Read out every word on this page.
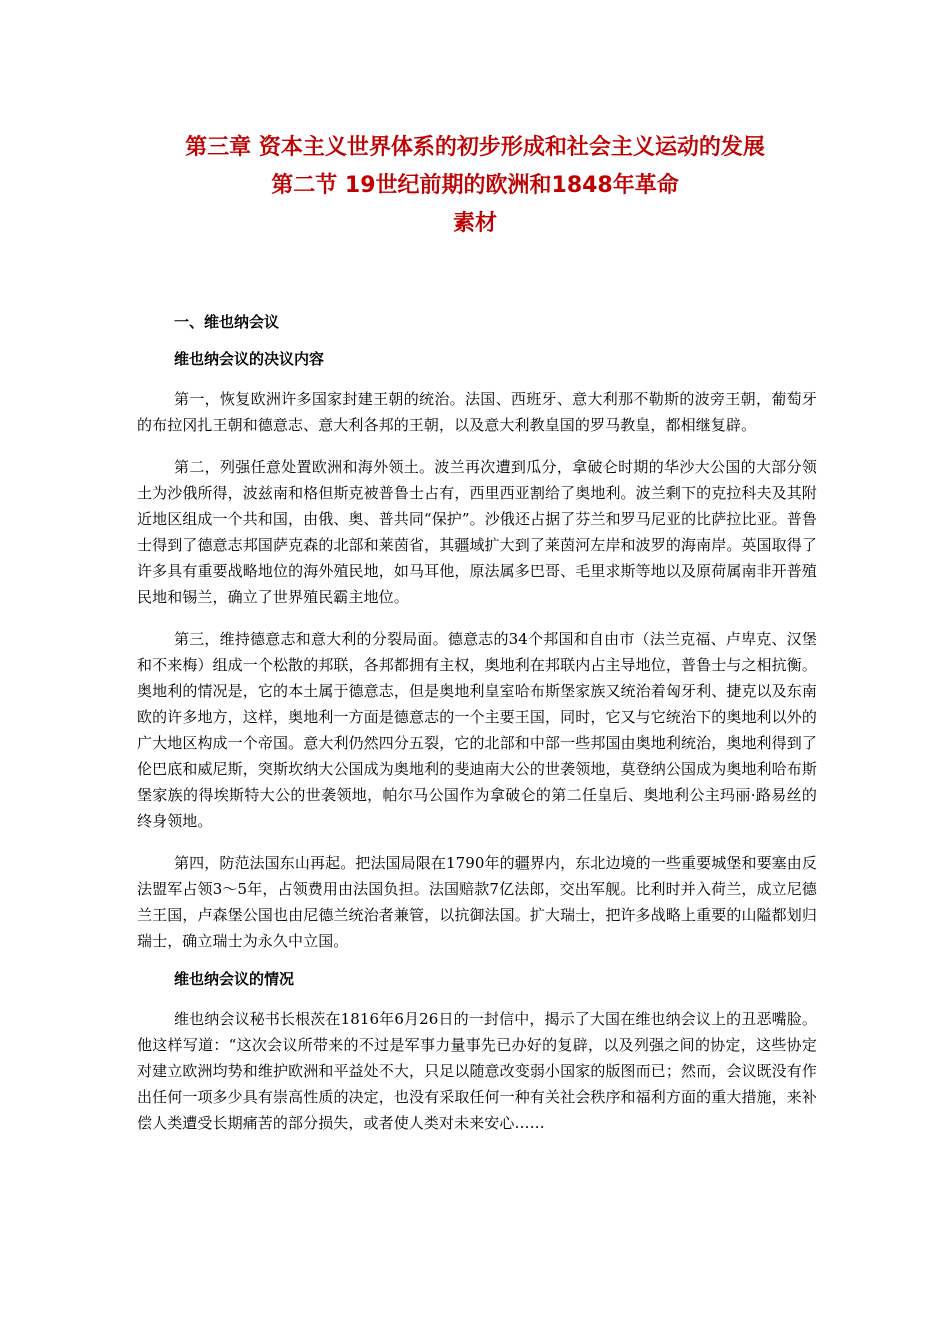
第三章 资本主义世界体系的初步形成和社会主义运动的发展
第二节 19世纪前期的欧洲和1848年革命
素材
一、维也纳会议
维也纳会议的决议内容

第一，恢复欧洲许多国家封建王朝的统治。法国、西班牙、意大利那不勒斯的波旁王朝，葡萄牙的布拉冈扎王朝和德意志、意大利各邦的王朝，以及意大利教皇国的罗马教皇，都相继复辟。

第二，列强任意处置欧洲和海外领土。波兰再次遭到瓜分，拿破仑时期的华沙大公国的大部分领土为沙俄所得，波兹南和格但斯克被普鲁士占有，西里西亚割给了奥地利。波兰剩下的克拉科夫及其附近地区组成一个共和国，由俄、奥、普共同“保护”。沙俄还占据了芬兰和罗马尼亚的比萨拉比亚。普鲁士得到了德意志邦国萨克森的北部和莱茵省，其疆域扩大到了莱茵河左岸和波罗的海南岸。英国取得了许多具有重要战略地位的海外殖民地，如马耳他，原法属多巴哥、毛里求斯等地以及原荷属南非开普殖民地和锡兰，确立了世界殖民霸主地位。

第三，维持德意志和意大利的分裂局面。德意志的34个邦国和自由市（法兰克福、卢卑克、汉堡和不来梅）组成一个松散的邦联，各邦都拥有主权，奥地利在邦联内占主导地位，普鲁士与之相抗衡。奥地利的情况是，它的本土属于德意志，但是奥地利皇室哈布斯堡家族又统治着匈牙利、捷克以及东南欧的许多地方，这样，奥地利一方面是德意志的一个主要王国，同时，它又与它统治下的奥地利以外的广大地区构成一个帝国。意大利仍然四分五裂，它的北部和中部一些邦国由奥地利统治，奥地利得到了伦巴底和威尼斯，突斯坎纳大公国成为奥地利的斐迪南大公的世袭领地，莫登纳公国成为奥地利哈布斯堡家族的得埃斯特大公的世袭领地，帕尔马公国作为拿破仑的第二任皇后、奥地利公主玛丽·路易丝的终身领地。

第四，防范法国东山再起。把法国局限在1790年的疆界内，东北边境的一些重要城堡和要塞由反法盟军占领3～5年，占领费用由法国负担。法国赔款7亿法郎，交出军舰。比利时并入荷兰，成立尼德兰王国，卢森堡公国也由尼德兰统治者兼管，以抗御法国。扩大瑞士，把许多战略上重要的山隘都划归瑞士，确立瑞士为永久中立国。

维也纳会议的情况

维也纳会议秘书长根茨在1816年6月26日的一封信中，揭示了大国在维也纳会议上的丑恶嘴脸。他这样写道：“这次会议所带来的不过是军事力量事先已办好的复辟，以及列强之间的协定，这些协定对建立欧洲均势和维护欧洲和平益处不大，只足以随意改变弱小国家的版图而已；然而，会议既没有作出任何一项多少具有崇高性质的决定，也没有采取任何一种有关社会秩序和福利方面的重大措施，来补偿人类遭受长期痛苦的部分损失，或者使人类对未来安心……
